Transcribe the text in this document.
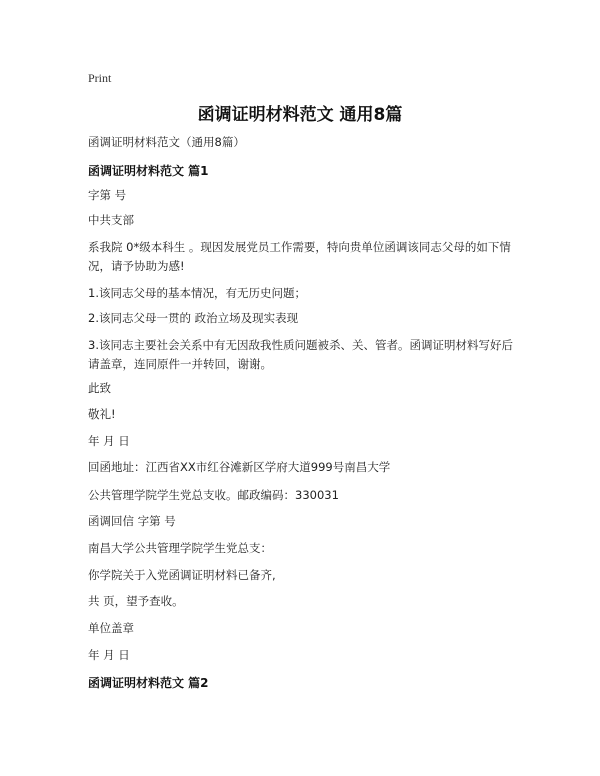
Print
函调证明材料范文 通用8篇

函调证明材料范文（通用8篇）

函调证明材料范文 篇1

字第 号

中共支部

系我院 0*级本科生 。现因发展党员工作需要，特向贵单位函调该同志父母的如下情况，请予协助为感!

1.该同志父母的基本情况，有无历史问题；

2.该同志父母一贯的 政治立场及现实表现

3.该同志主要社会关系中有无因敌我性质问题被杀、关、管者。函调证明材料写好后请盖章，连同原件一并转回，谢谢。

此致

敬礼!

年 月 日

回函地址：江西省XX市红谷滩新区学府大道999号南昌大学

公共管理学院学生党总支收。邮政编码：330031

函调回信 字第 号

南昌大学公共管理学院学生党总支：

你学院关于入党函调证明材料已备齐,

共 页，望予查收。

单位盖章

年 月 日

函调证明材料范文 篇2
